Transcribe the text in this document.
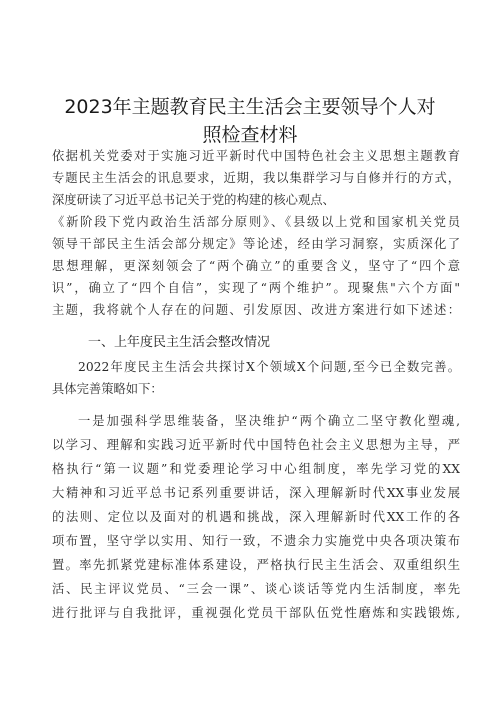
2023年主题教育民主生活会主要领导个人对
照检查材料
依据机关党委对于实施习近平新时代中国特色社会主义思想主题教育
专题民主生活会的讯息要求，近期，我以集群学习与自修并行的方式，
深度研读了习近平总书记关于党的构建的核心观点、
《新阶段下党内政治生活部分原则》、《县级以上党和国家机关党员
领导干部民主生活会部分规定》等论述，经由学习洞察，实质深化了
思想理解，更深刻领会了“两个确立”的重要含义，坚守了“四个意
识”，确立了“四个自信”，实现了“两个维护”。现聚焦"六个方面"
主题，我将就个人存在的问题、引发原因、改进方案进行如下述述：
一、上年度民主生活会整改情况
2022年度民主生活会共探讨X个领域X个问题,至今已全数完善。
具体完善策略如下：
一是加强科学思维装备，坚决维护“两个确立二坚守教化塑魂,
以学习、理解和实践习近平新时代中国特色社会主义思想为主导，严
格执行“第一议题”和党委理论学习中心组制度，率先学习党的XX
大精神和习近平总书记系列重要讲话，深入理解新时代XX事业发展
的法则、定位以及面对的机遇和挑战，深入理解新时代XX工作的各
项布置，坚守学以实用、知行一致，不遗余力实施党中央各项决策布
置。率先抓紧党建标准体系建设，严格执行民主生活会、双重组织生
活、民主评议党员、“三会一课”、谈心谈话等党内生活制度，率先
进行批评与自我批评，重视强化党员干部队伍党性磨炼和实践锻炼,
